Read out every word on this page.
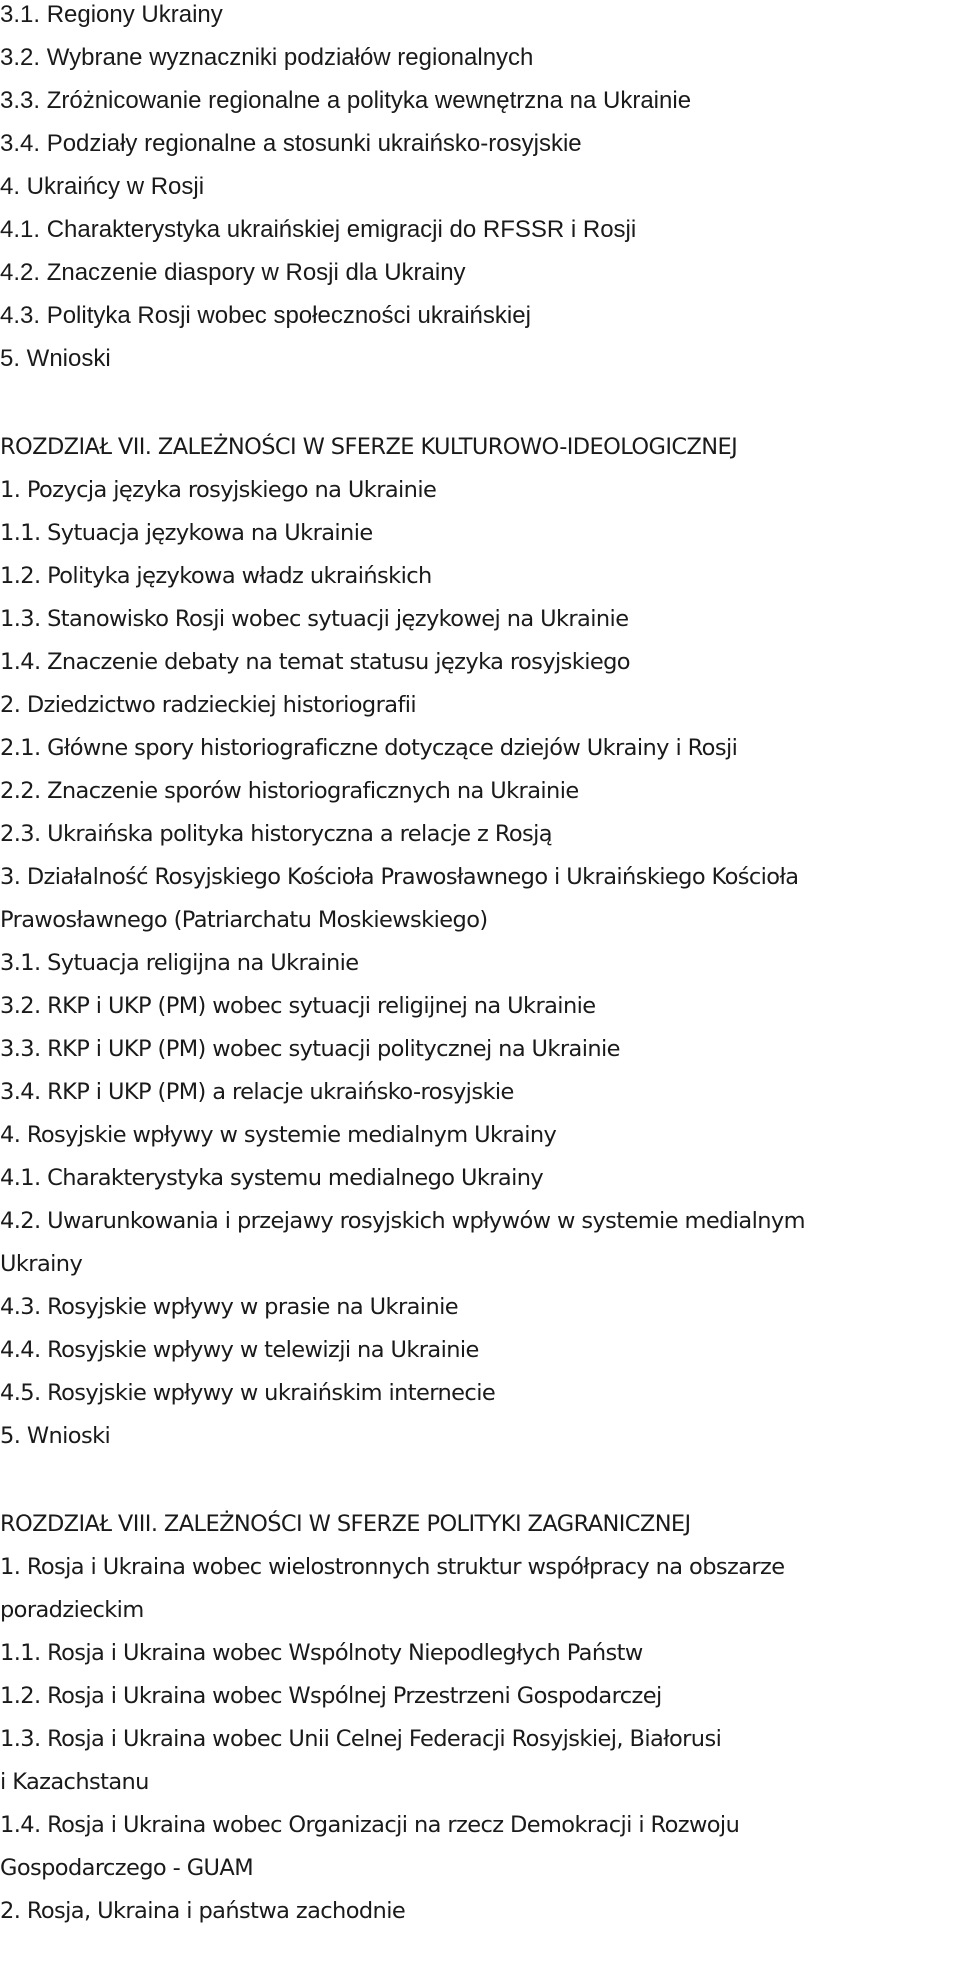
3.1. Regiony Ukrainy
3.2. Wybrane wyznaczniki podziałów regionalnych
3.3. Zróżnicowanie regionalne a polityka wewnętrzna na Ukrainie
3.4. Podziały regionalne a stosunki ukraińsko-rosyjskie
4. Ukraińcy w Rosji
4.1. Charakterystyka ukraińskiej emigracji do RFSSR i Rosji
4.2. Znaczenie diaspory w Rosji dla Ukrainy
4.3. Polityka Rosji wobec społeczności ukraińskiej
5. Wnioski
ROZDZIAŁ VII. ZALEŻNOŚCI W SFERZE KULTUROWO-IDEOLOGICZNEJ
1. Pozycja języka rosyjskiego na Ukrainie
1.1. Sytuacja językowa na Ukrainie
1.2. Polityka językowa władz ukraińskich
1.3. Stanowisko Rosji wobec sytuacji językowej na Ukrainie
1.4. Znaczenie debaty na temat statusu języka rosyjskiego
2. Dziedzictwo radzieckiej historiografii
2.1. Główne spory historiograficzne dotyczące dziejów Ukrainy i Rosji
2.2. Znaczenie sporów historiograficznych na Ukrainie
2.3. Ukraińska polityka historyczna a relacje z Rosją
3. Działalność Rosyjskiego Kościoła Prawosławnego i Ukraińskiego Kościoła
Prawosławnego (Patriarchatu Moskiewskiego)
3.1. Sytuacja religijna na Ukrainie
3.2. RKP i UKP (PM) wobec sytuacji religijnej na Ukrainie
3.3. RKP i UKP (PM) wobec sytuacji politycznej na Ukrainie
3.4. RKP i UKP (PM) a relacje ukraińsko-rosyjskie
4. Rosyjskie wpływy w systemie medialnym Ukrainy
4.1. Charakterystyka systemu medialnego Ukrainy
4.2. Uwarunkowania i przejawy rosyjskich wpływów w systemie medialnym
Ukrainy
4.3. Rosyjskie wpływy w prasie na Ukrainie
4.4. Rosyjskie wpływy w telewizji na Ukrainie
4.5. Rosyjskie wpływy w ukraińskim internecie
5. Wnioski
ROZDZIAŁ VIII. ZALEŻNOŚCI W SFERZE POLITYKI ZAGRANICZNEJ
1. Rosja i Ukraina wobec wielostronnych struktur współpracy na obszarze
poradzieckim
1.1. Rosja i Ukraina wobec Wspólnoty Niepodległych Państw
1.2. Rosja i Ukraina wobec Wspólnej Przestrzeni Gospodarczej
1.3. Rosja i Ukraina wobec Unii Celnej Federacji Rosyjskiej, Białorusi
i Kazachstanu
1.4. Rosja i Ukraina wobec Organizacji na rzecz Demokracji i Rozwoju
Gospodarczego - GUAM
2. Rosja, Ukraina i państwa zachodnie
